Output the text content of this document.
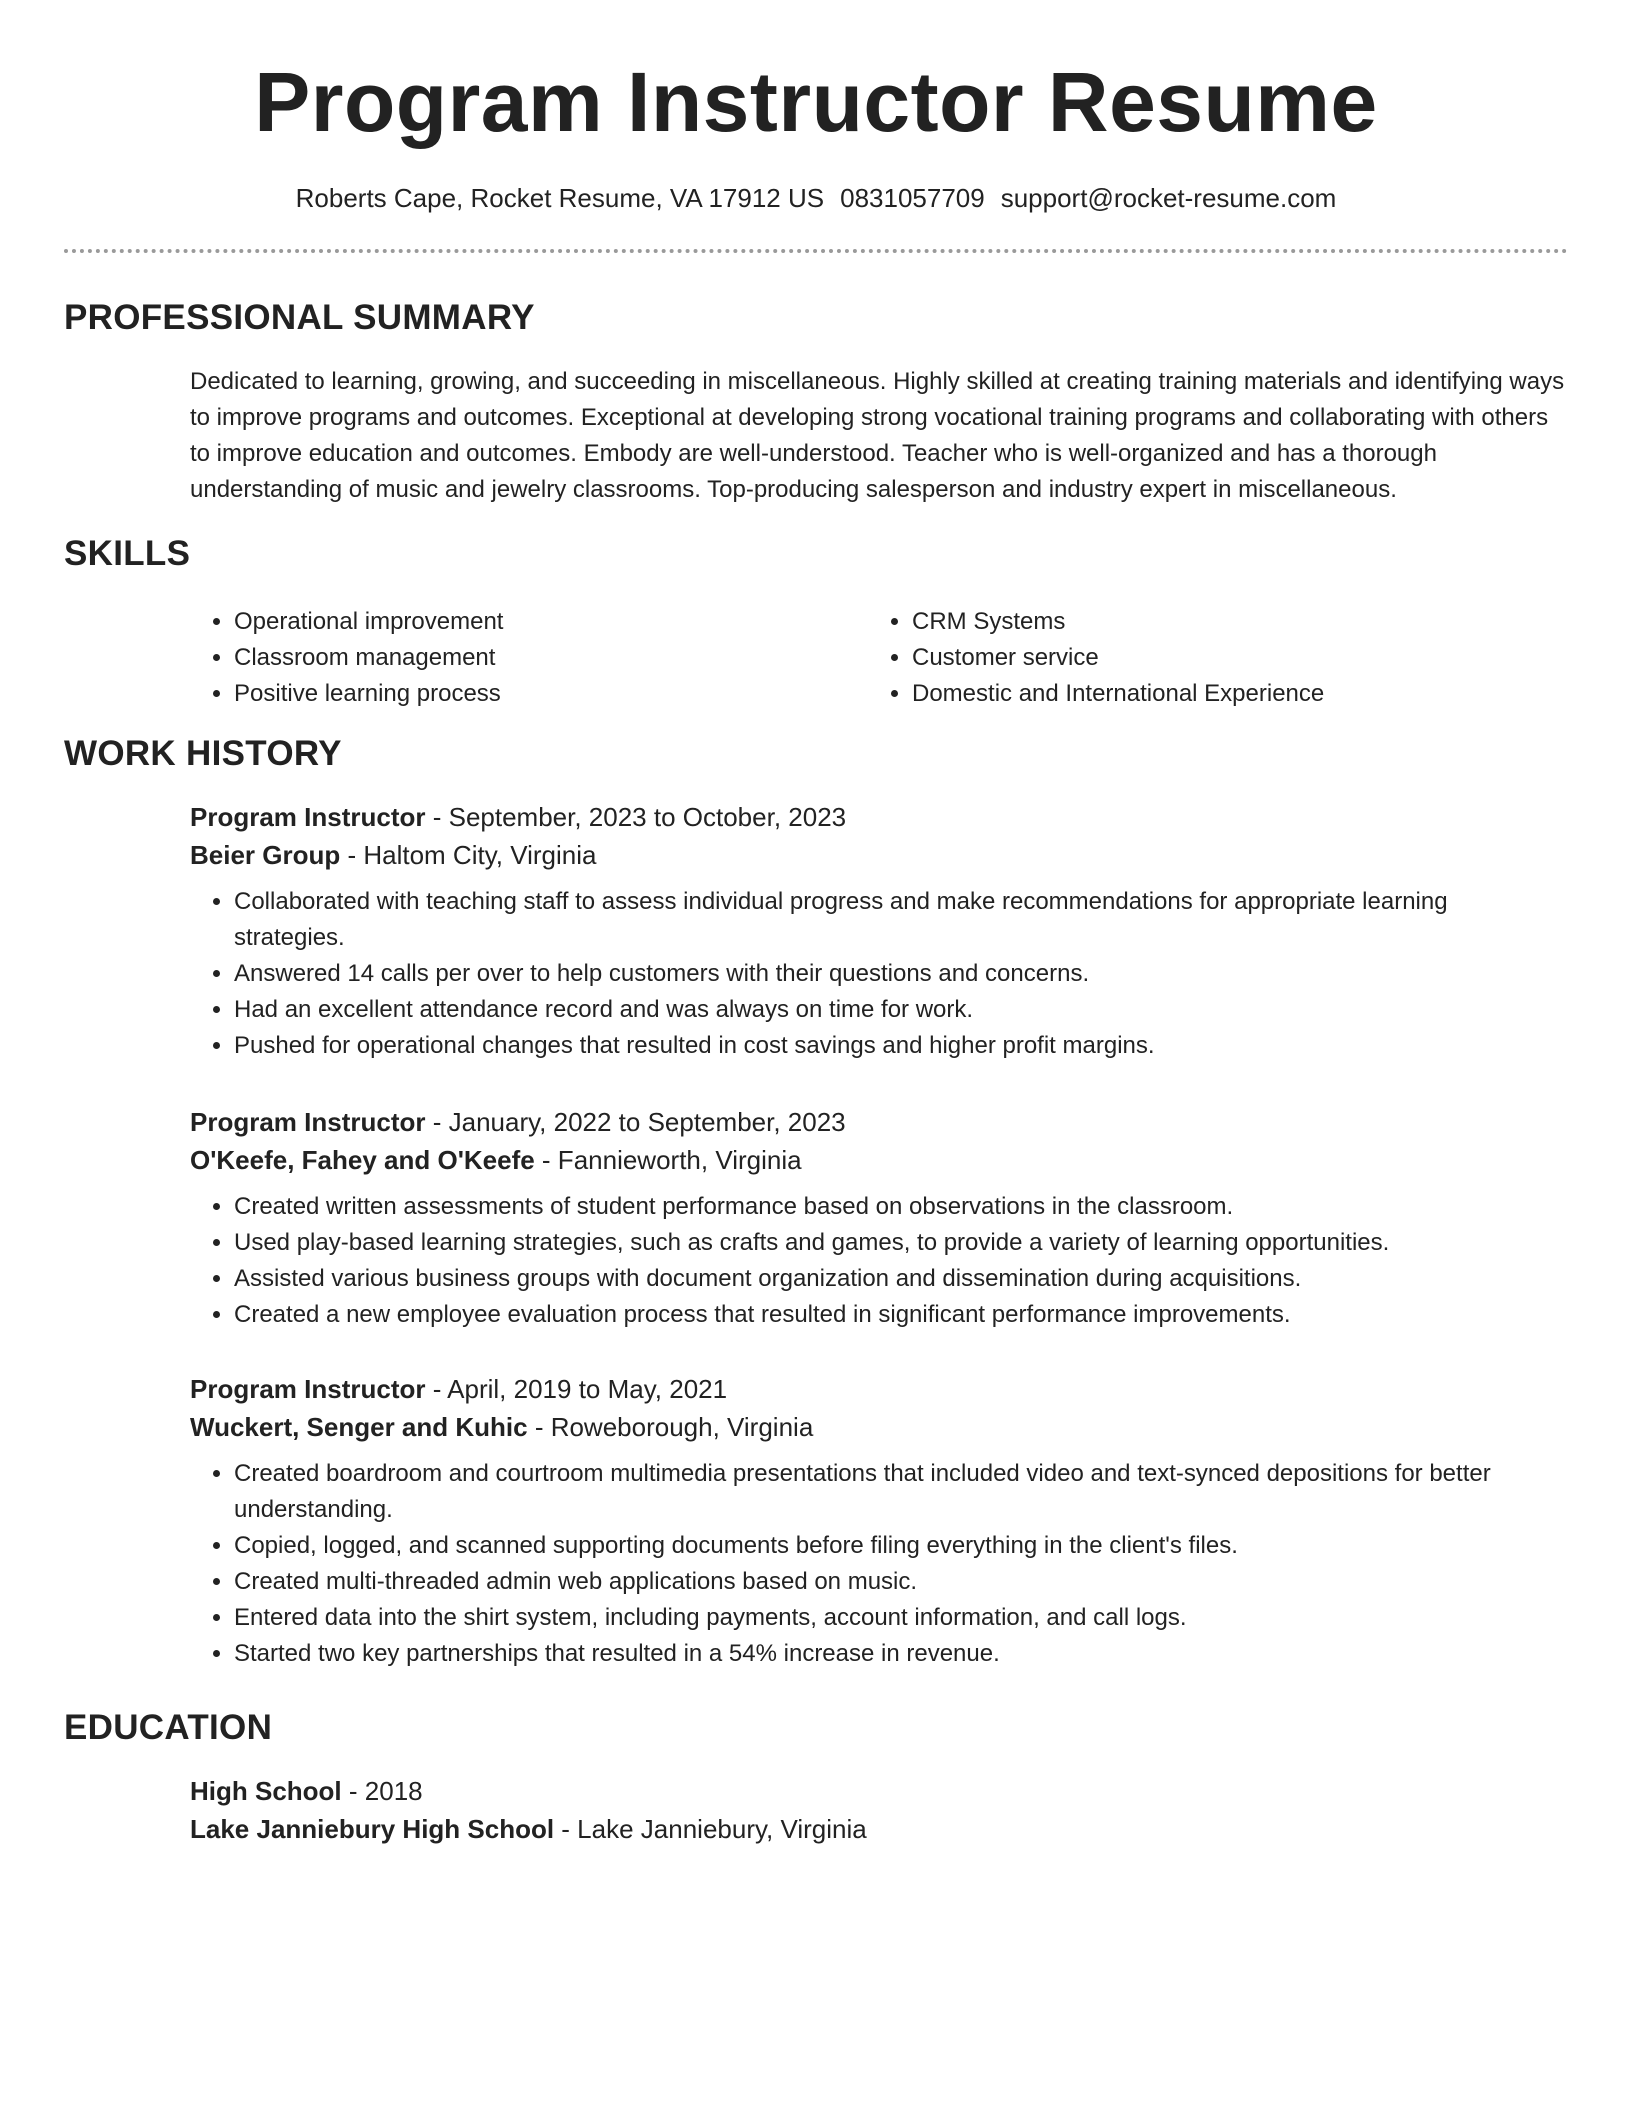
Program Instructor Resume
Roberts Cape, Rocket Resume, VA 17912 US 0831057709 support@rocket-resume.com
PROFESSIONAL SUMMARY
Dedicated to learning, growing, and succeeding in miscellaneous. Highly skilled at creating training materials and identifying ways to improve programs and outcomes. Exceptional at developing strong vocational training programs and collaborating with others to improve education and outcomes. Embody are well-understood. Teacher who is well-organized and has a thorough understanding of music and jewelry classrooms. Top-producing salesperson and industry expert in miscellaneous.
SKILLS
• Operational improvement
• Classroom management
• Positive learning process
• CRM Systems
• Customer service
• Domestic and International Experience
WORK HISTORY

Program Instructor - September, 2023 to October, 2023

Beier Group - Haltom City, Virginia

• Collaborated with teaching staff to assess individual progress and make recommendations for appropriate learning strategies.
• Answered 14 calls per over to help customers with their questions and concerns.
• Had an excellent attendance record and was always on time for work.
• Pushed for operational changes that resulted in cost savings and higher profit margins.

Program Instructor - January, 2022 to September, 2023

O'Keefe, Fahey and O'Keefe - Fannieworth, Virginia

• Created written assessments of student performance based on observations in the classroom.
• Used play-based learning strategies, such as crafts and games, to provide a variety of learning opportunities.
• Assisted various business groups with document organization and dissemination during acquisitions.
• Created a new employee evaluation process that resulted in significant performance improvements.

Program Instructor - April, 2019 to May, 2021

Wuckert, Senger and Kuhic - Roweborough, Virginia

• Created boardroom and courtroom multimedia presentations that included video and text-synced depositions for better understanding.
• Copied, logged, and scanned supporting documents before filing everything in the client's files.
• Created multi-threaded admin web applications based on music.
• Entered data into the shirt system, including payments, account information, and call logs.
• Started two key partnerships that resulted in a 54% increase in revenue.
EDUCATION

High School - 2018

Lake Janniebury High School - Lake Janniebury, Virginia
